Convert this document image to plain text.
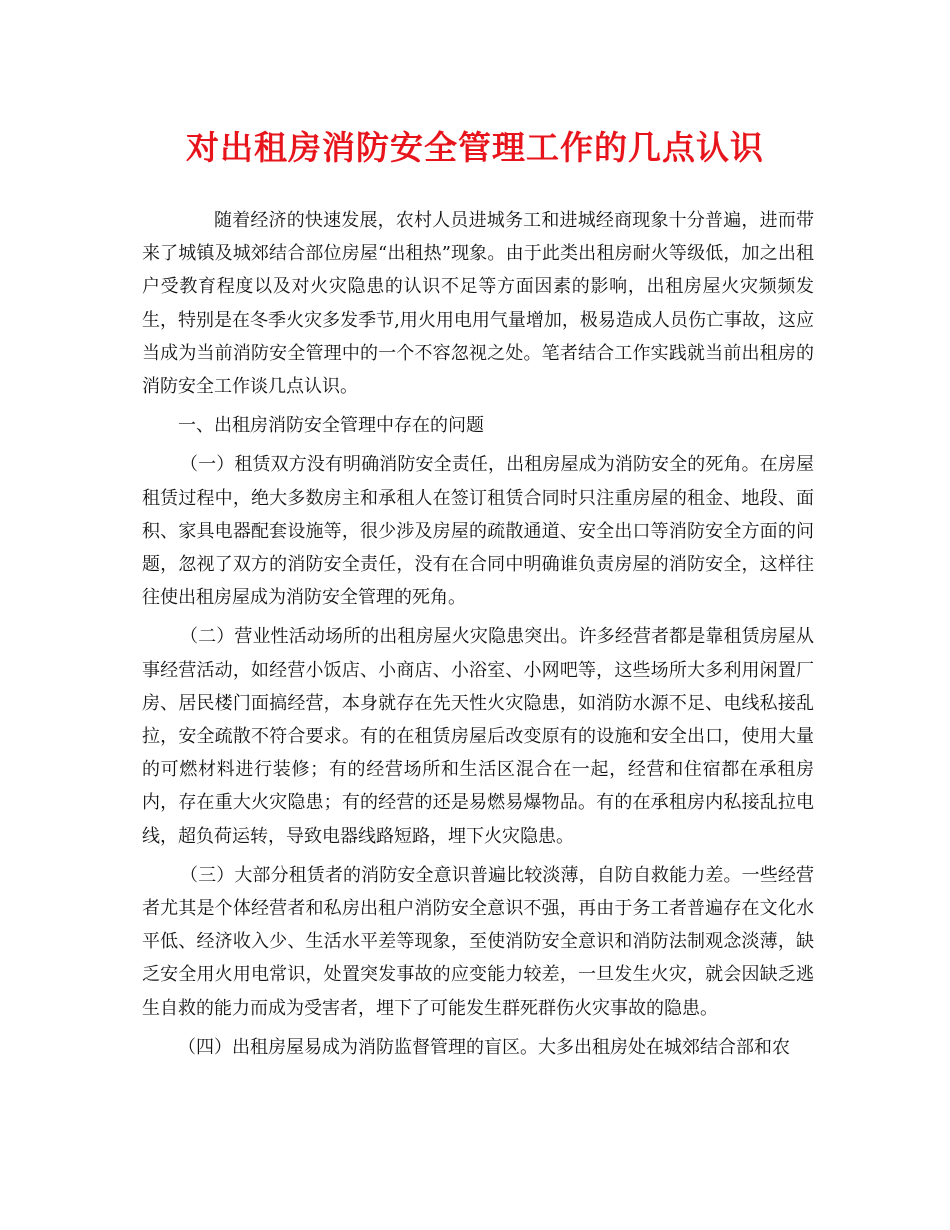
对出租房消防安全管理工作的几点认识

随着经济的快速发展，农村人员进城务工和进城经商现象十分普遍，进而带来了城镇及城郊结合部位房屋“出租热”现象。由于此类出租房耐火等级低，加之出租户受教育程度以及对火灾隐患的认识不足等方面因素的影响，出租房屋火灾频频发生，特别是在冬季火灾多发季节,用火用电用气量增加，极易造成人员伤亡事故，这应当成为当前消防安全管理中的一个不容忽视之处。笔者结合工作实践就当前出租房的消防安全工作谈几点认识。

一、出租房消防安全管理中存在的问题

（一）租赁双方没有明确消防安全责任，出租房屋成为消防安全的死角。在房屋租赁过程中，绝大多数房主和承租人在签订租赁合同时只注重房屋的租金、地段、面积、家具电器配套设施等，很少涉及房屋的疏散通道、安全出口等消防安全方面的问题，忽视了双方的消防安全责任，没有在合同中明确谁负责房屋的消防安全，这样往往使出租房屋成为消防安全管理的死角。

（二）营业性活动场所的出租房屋火灾隐患突出。许多经营者都是靠租赁房屋从事经营活动，如经营小饭店、小商店、小浴室、小网吧等，这些场所大多利用闲置厂房、居民楼门面搞经营，本身就存在先天性火灾隐患，如消防水源不足、电线私接乱拉，安全疏散不符合要求。有的在租赁房屋后改变原有的设施和安全出口，使用大量的可燃材料进行装修；有的经营场所和生活区混合在一起，经营和住宿都在承租房内，存在重大火灾隐患；有的经营的还是易燃易爆物品。有的在承租房内私接乱拉电线，超负荷运转，导致电器线路短路，埋下火灾隐患。

（三）大部分租赁者的消防安全意识普遍比较淡薄，自防自救能力差。一些经营者尤其是个体经营者和私房出租户消防安全意识不强，再由于务工者普遍存在文化水平低、经济收入少、生活水平差等现象，至使消防安全意识和消防法制观念淡薄，缺乏安全用火用电常识，处置突发事故的应变能力较差，一旦发生火灾，就会因缺乏逃生自救的能力而成为受害者，埋下了可能发生群死群伤火灾事故的隐患。

（四）出租房屋易成为消防监督管理的盲区。大多出租房处在城郊结合部和农
